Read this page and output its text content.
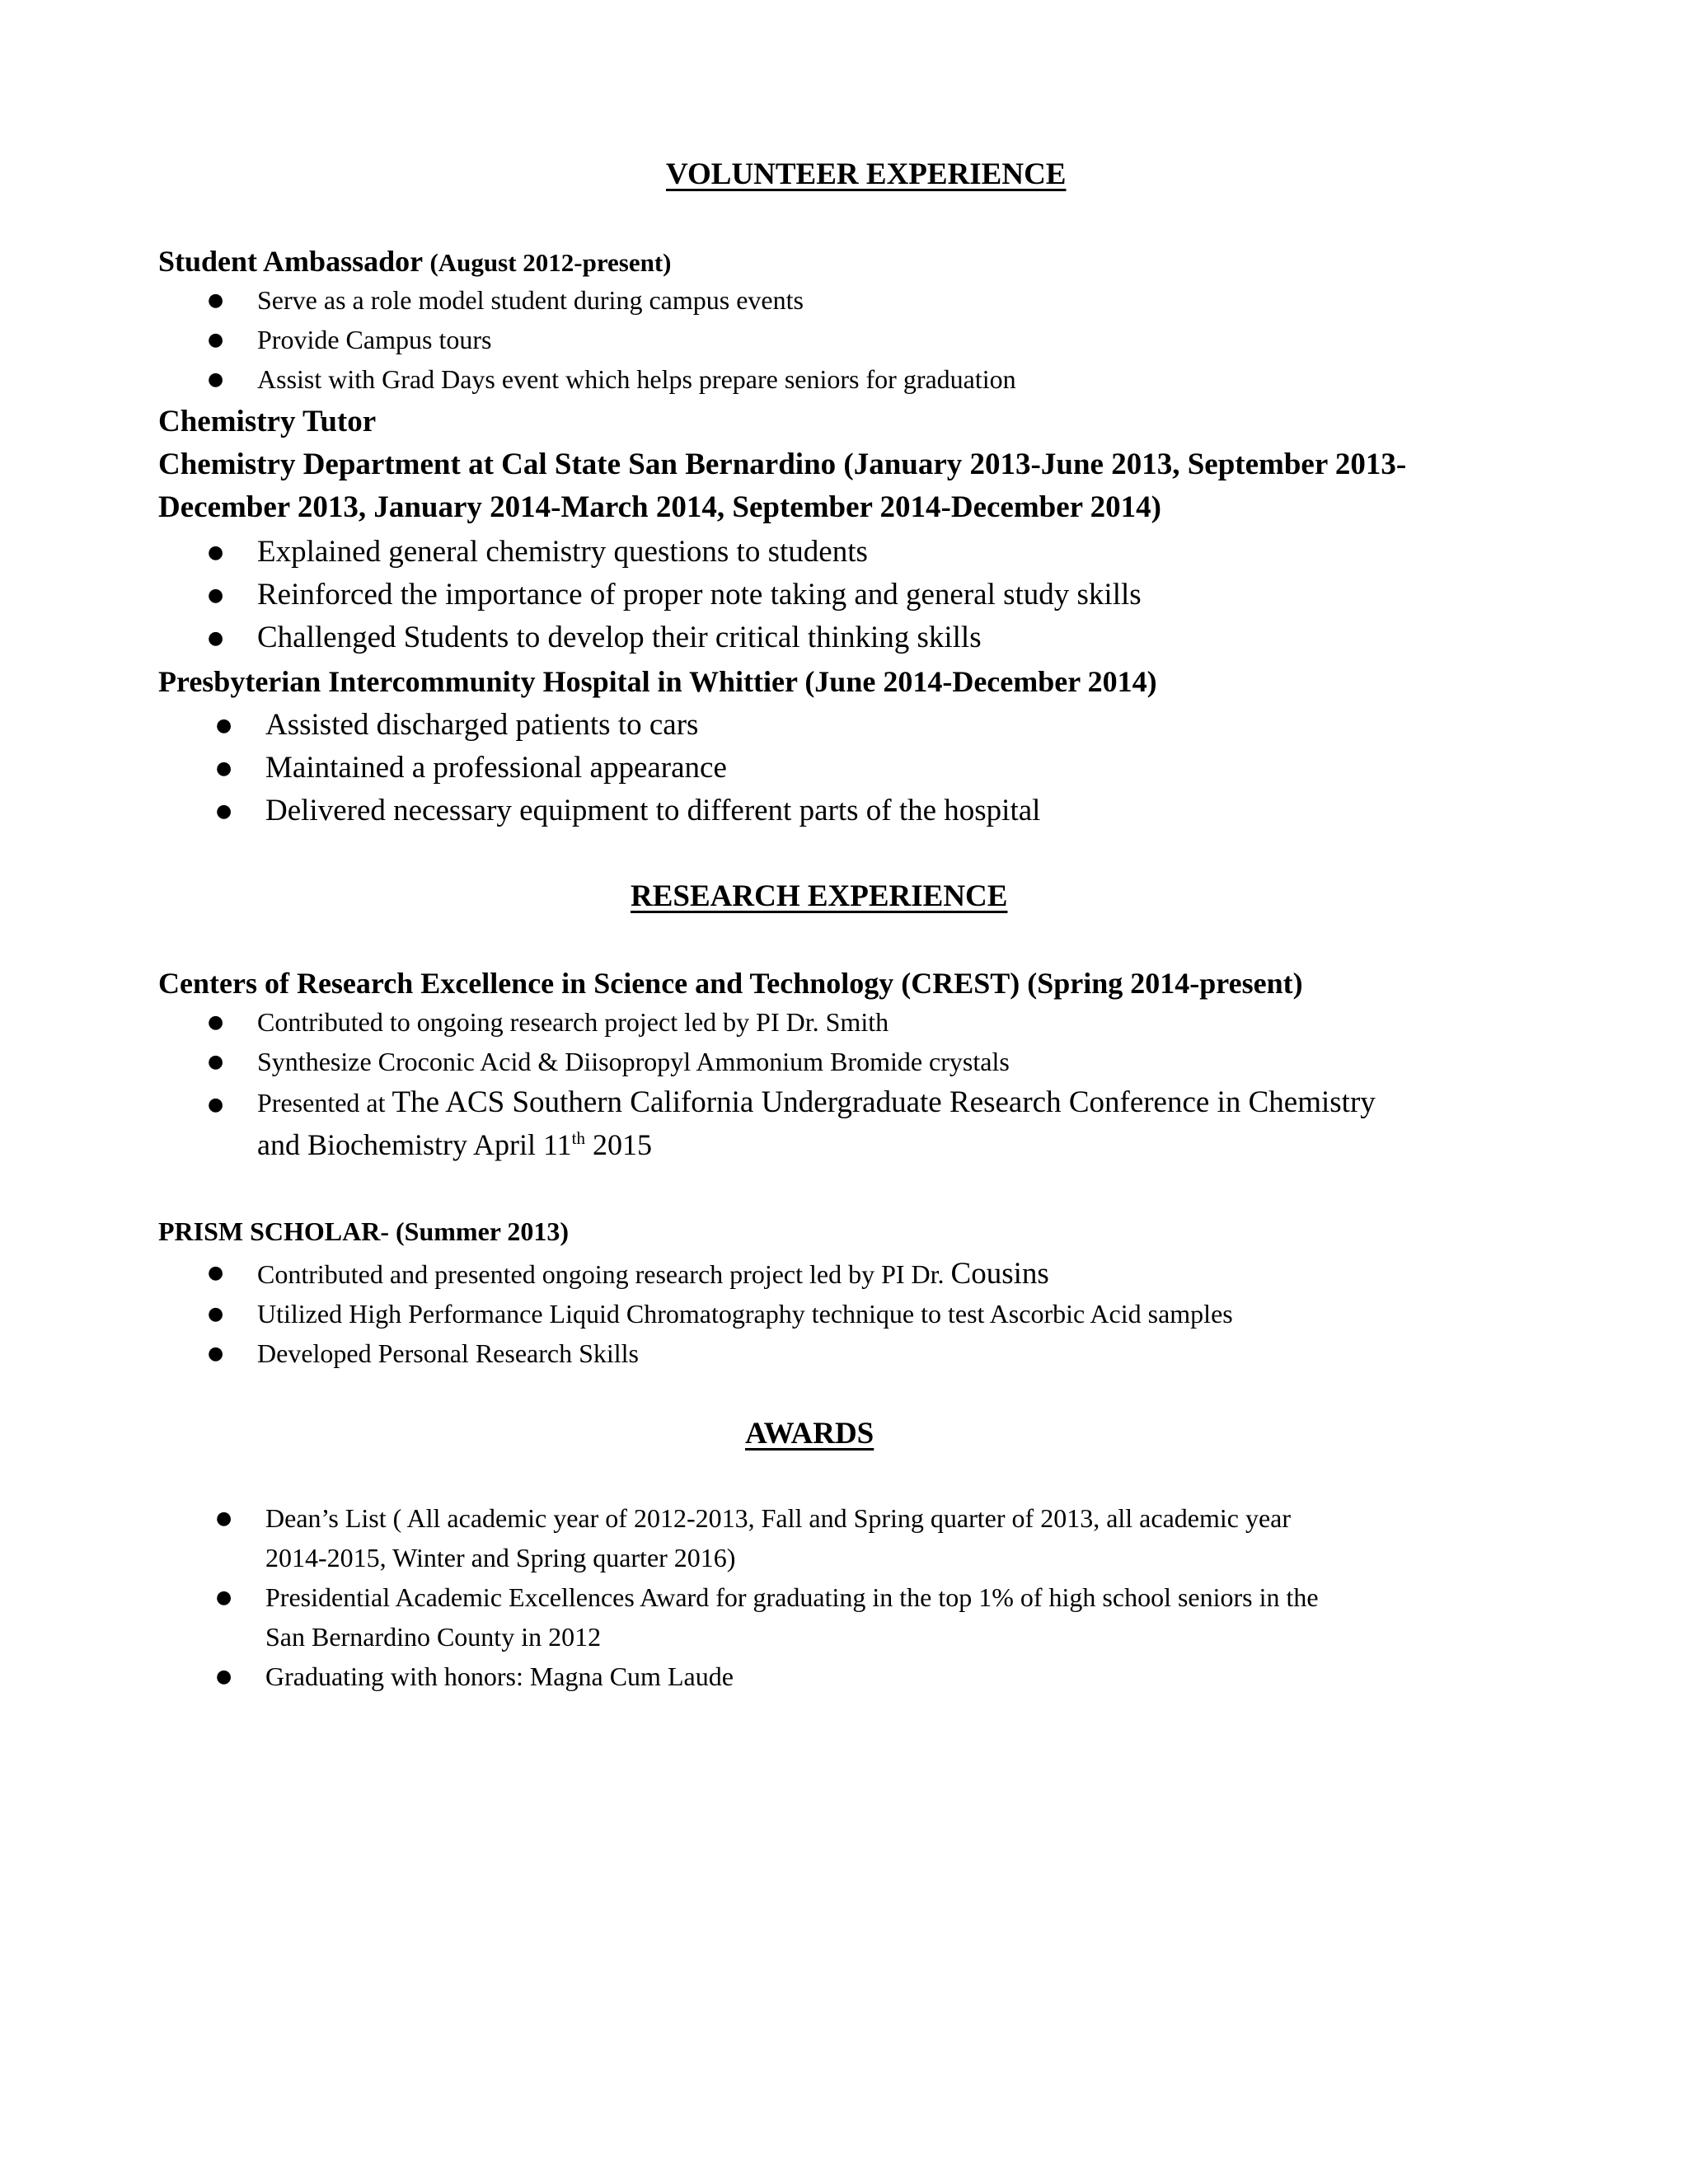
VOLUNTEER EXPERIENCE
Student Ambassador (August 2012-present)
● Serve as a role model student during campus events
● Provide Campus tours
● Assist with Grad Days event which helps prepare seniors for graduation
Chemistry Tutor
Chemistry Department at Cal State San Bernardino (January 2013-June 2013, September 2013-
December 2013, January 2014-March 2014, September 2014-December 2014)
● Explained general chemistry questions to students
● Reinforced the importance of proper note taking and general study skills
● Challenged Students to develop their critical thinking skills
Presbyterian Intercommunity Hospital in Whittier (June 2014-December 2014)
● Assisted discharged patients to cars
● Maintained a professional appearance
● Delivered necessary equipment to different parts of the hospital
RESEARCH EXPERIENCE
Centers of Research Excellence in Science and Technology (CREST) (Spring 2014-present)
● Contributed to ongoing research project led by PI Dr. Smith
● Synthesize Croconic Acid & Diisopropyl Ammonium Bromide crystals
● Presented at The ACS Southern California Undergraduate Research Conference in Chemistry
and Biochemistry April 11th 2015
PRISM SCHOLAR- (Summer 2013)
● Contributed and presented ongoing research project led by PI Dr. Cousins
● Utilized High Performance Liquid Chromatography technique to test Ascorbic Acid samples
● Developed Personal Research Skills
AWARDS
● Dean’s List ( All academic year of 2012-2013, Fall and Spring quarter of 2013, all academic year
2014-2015, Winter and Spring quarter 2016)
● Presidential Academic Excellences Award for graduating in the top 1% of high school seniors in the
San Bernardino County in 2012
● Graduating with honors: Magna Cum Laude
